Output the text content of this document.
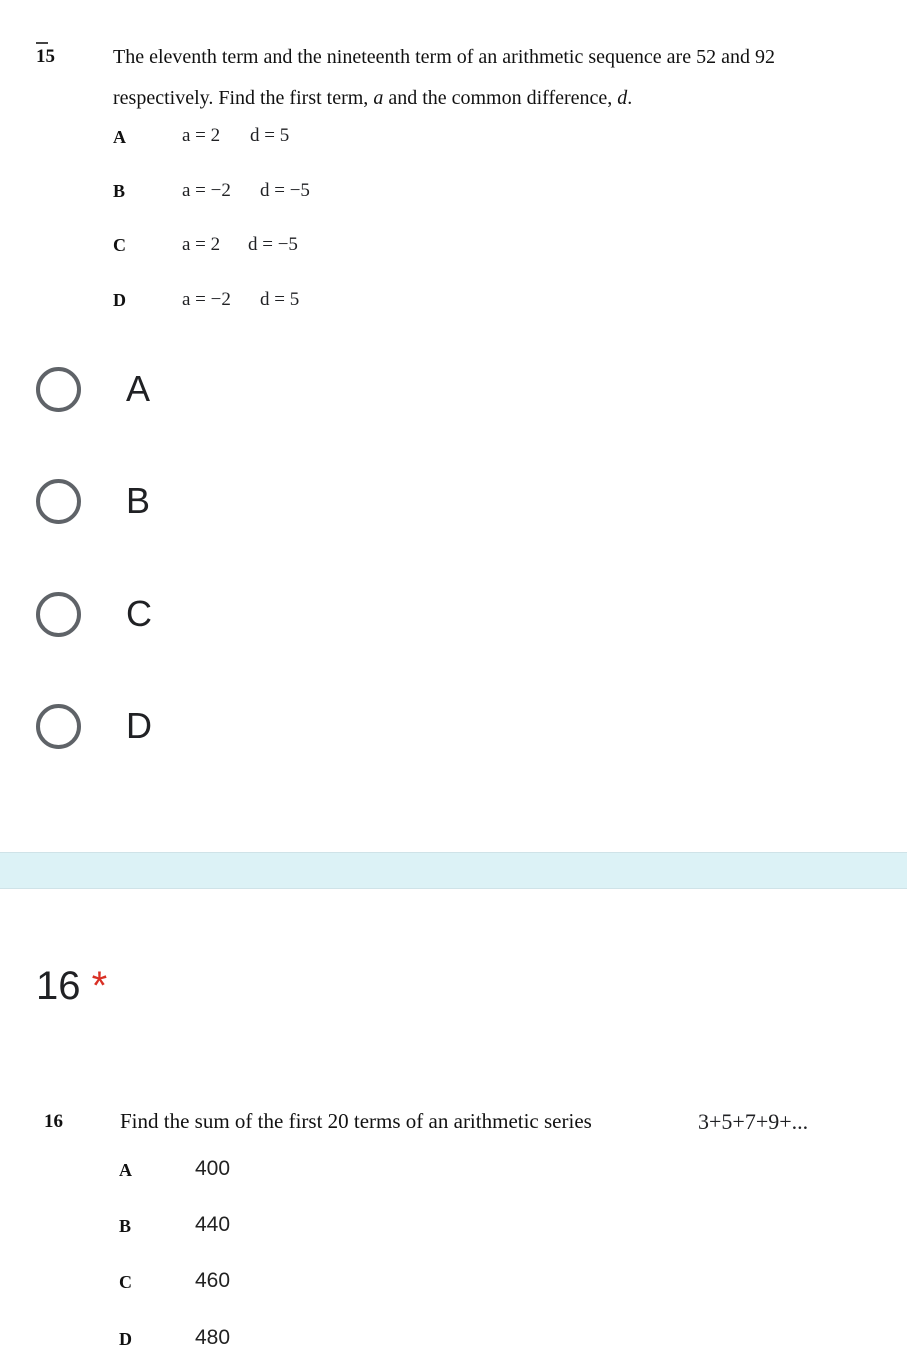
15	The eleventh term and the nineteenth term of an arithmetic sequence are 52 and 92
respectively. Find the first term, a and the common difference, d.
A	a = 2 d = 5
B	a = −2 d = −5
C	a = 2 d = −5
D	a = −2 d = 5
A
B
C
D
16 *
16	Find the sum of the first 20 terms of an arithmetic series	3+5+7+9+...
A	400
B	440
C	460
D	480
